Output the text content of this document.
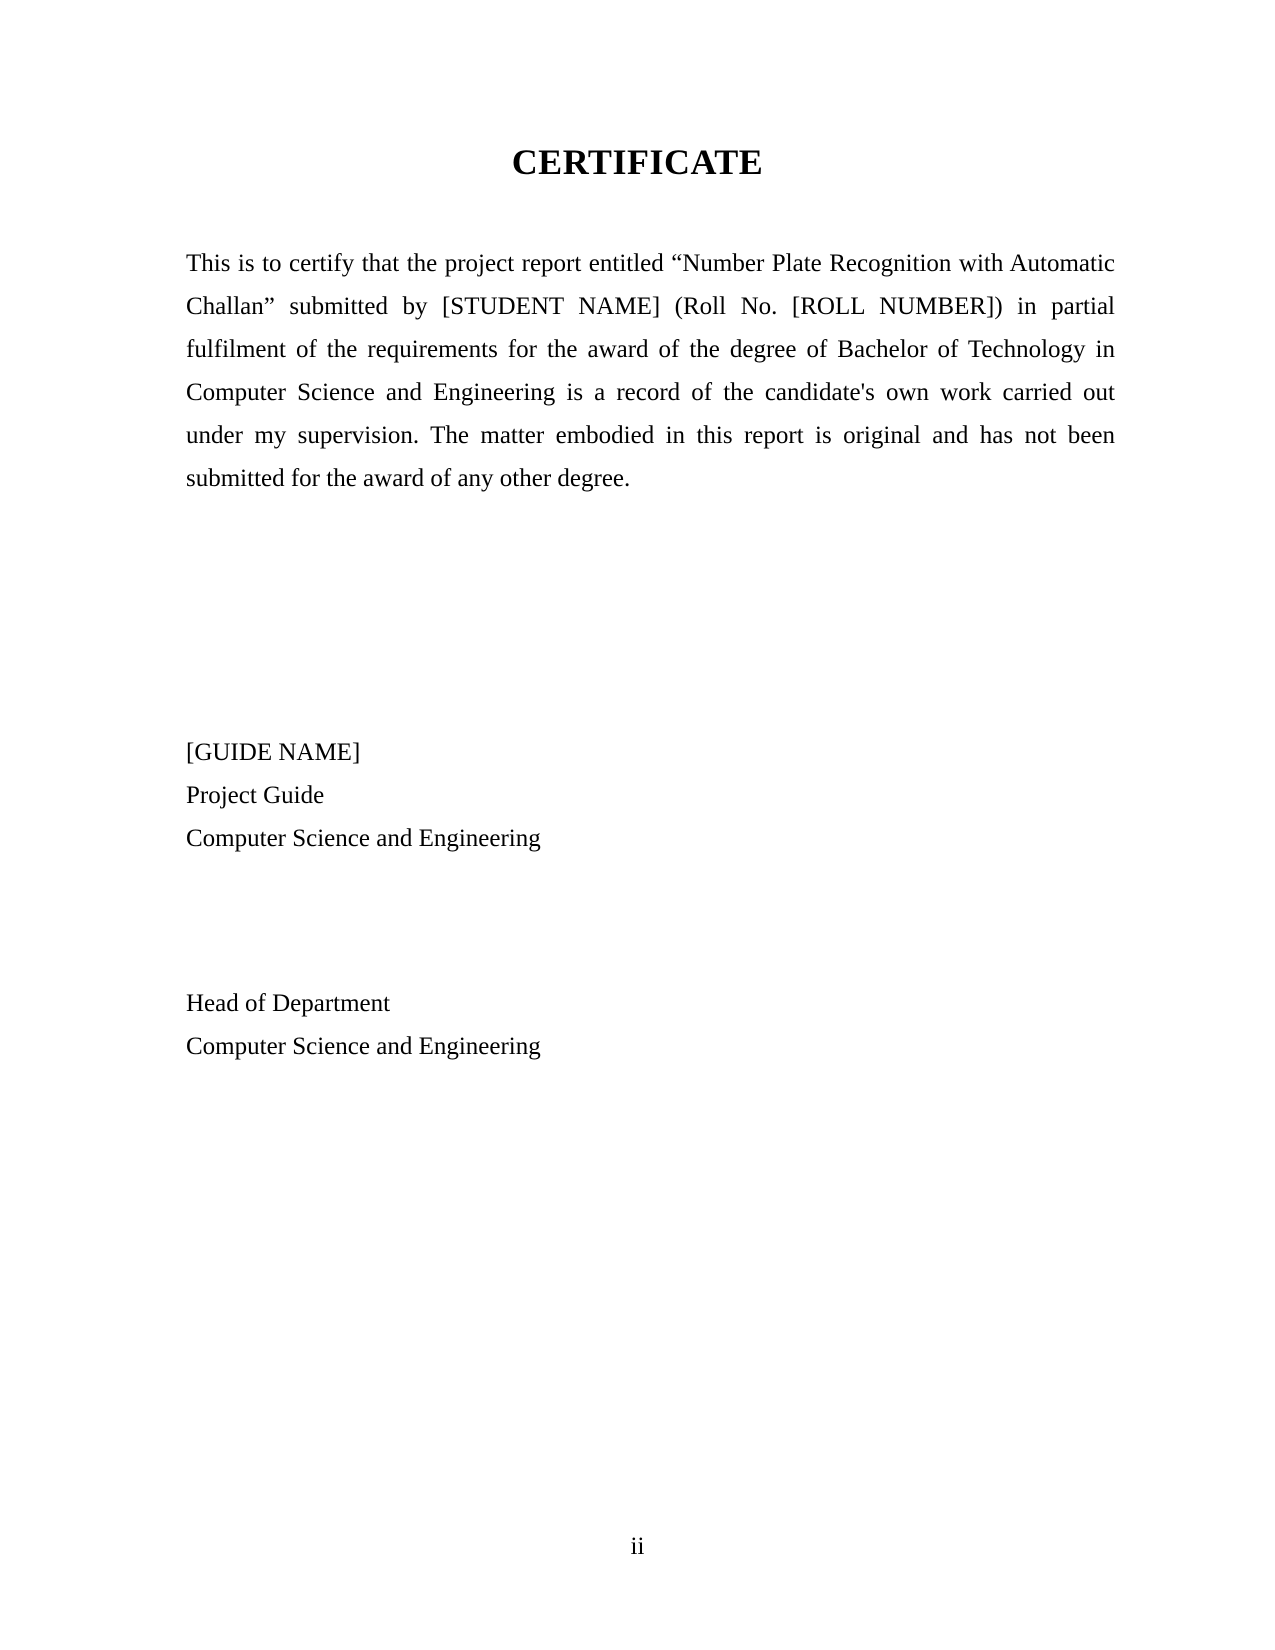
CERTIFICATE

This is to certify that the project report entitled “Number Plate Recognition with Automatic Challan” submitted by [STUDENT NAME] (Roll No. [ROLL NUMBER]) in partial fulfilment of the requirements for the award of the degree of Bachelor of Technology in Computer Science and Engineering is a record of the candidate's own work carried out under my supervision. The matter embodied in this report is original and has not been submitted for the award of any other degree.

[GUIDE NAME]
Project Guide
Computer Science and Engineering
Head of Department
Computer Science and Engineering
ii
